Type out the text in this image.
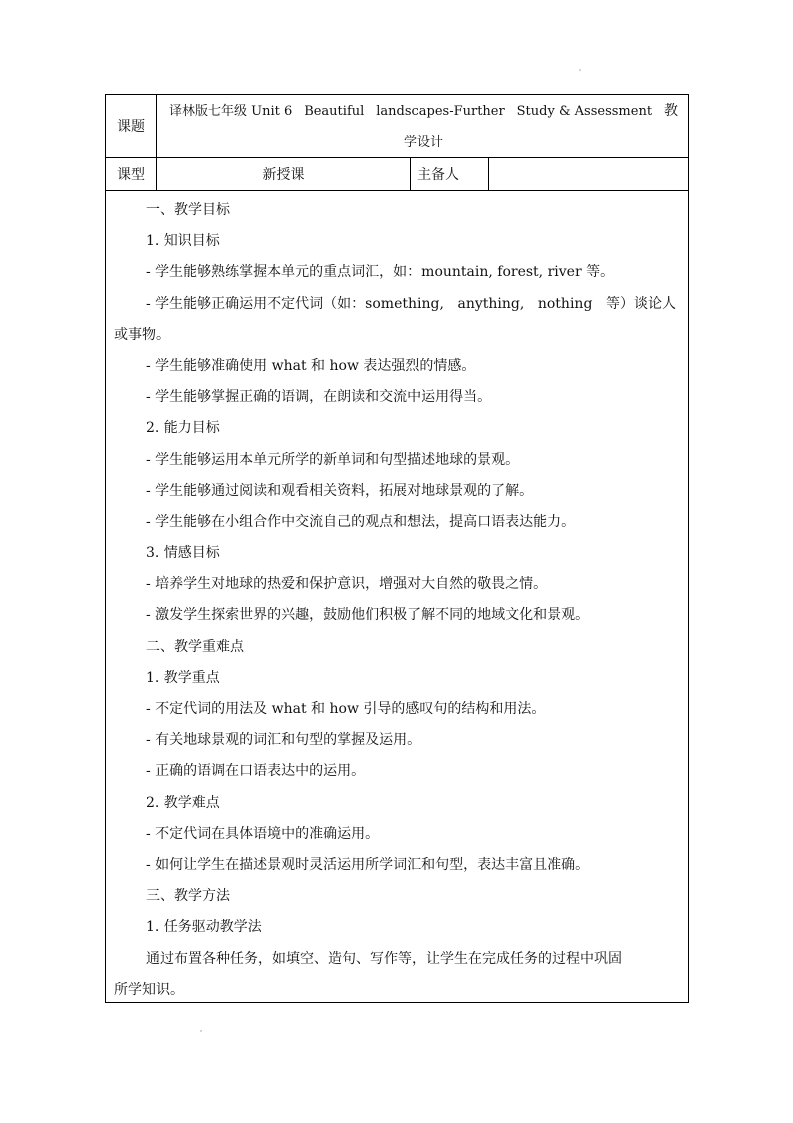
课题
译林版七年级 Unit 6 Beautiful landscapes-Further Study & Assessment 教
学设计
课型	新授课	主备人
一、教学目标
1. 知识目标
- 学生能够熟练掌握本单元的重点词汇，如：mountain, forest, river 等。
- 学生能够正确运用不定代词（如：something, anything, nothing 等）谈论人
或事物。
- 学生能够准确使用 what 和 how 表达强烈的情感。
- 学生能够掌握正确的语调，在朗读和交流中运用得当。
2. 能力目标
- 学生能够运用本单元所学的新单词和句型描述地球的景观。
- 学生能够通过阅读和观看相关资料，拓展对地球景观的了解。
- 学生能够在小组合作中交流自己的观点和想法，提高口语表达能力。
3. 情感目标
- 培养学生对地球的热爱和保护意识，增强对大自然的敬畏之情。
- 激发学生探索世界的兴趣，鼓励他们积极了解不同的地域文化和景观。
二、教学重难点
1. 教学重点
- 不定代词的用法及 what 和 how 引导的感叹句的结构和用法。
- 有关地球景观的词汇和句型的掌握及运用。
- 正确的语调在口语表达中的运用。
2. 教学难点
- 不定代词在具体语境中的准确运用。
- 如何让学生在描述景观时灵活运用所学词汇和句型，表达丰富且准确。
三、教学方法
1. 任务驱动教学法
通过布置各种任务，如填空、造句、写作等，让学生在完成任务的过程中巩固
所学知识。
